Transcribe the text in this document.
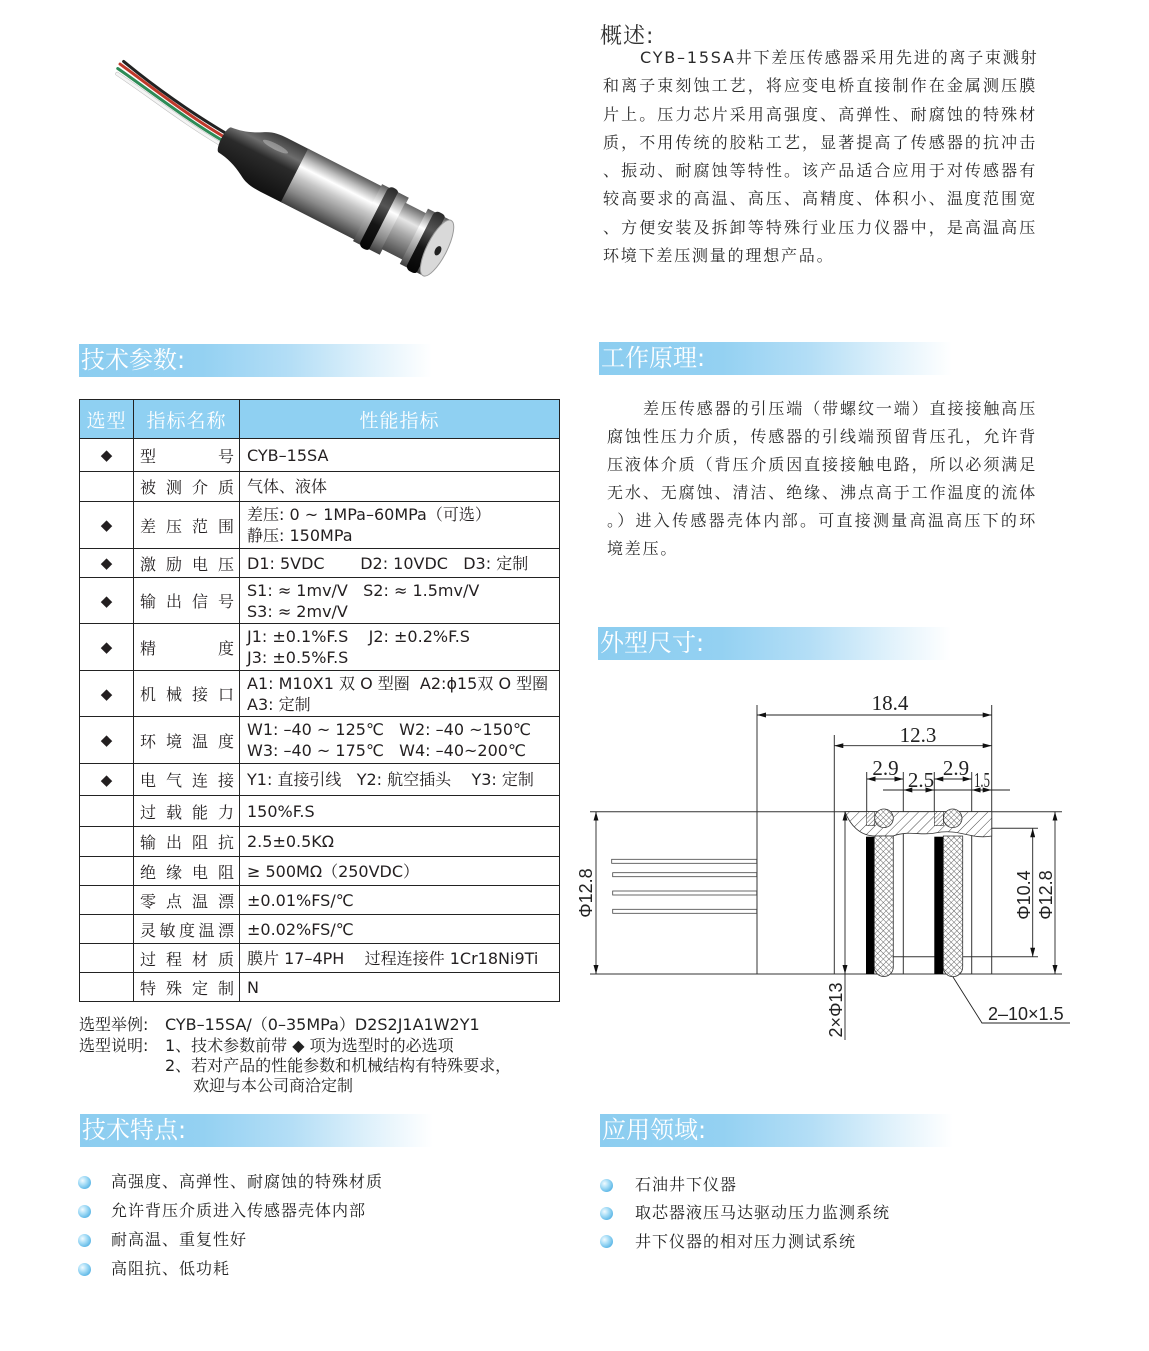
概述:
CYB–15SA井下差压传感器采用先进的离子束溅射
和离子束刻蚀工艺，将应变电桥直接制作在金属测压膜
片上。压力芯片采用高强度、高弹性、耐腐蚀的特殊材
质，不用传统的胶粘工艺，显著提高了传感器的抗冲击
、振动、耐腐蚀等特性。该产品适合应用于对传感器有
较高要求的高温、高压、高精度、体积小、温度范围宽
、方便安装及拆卸等特殊行业压力仪器中，是高温高压
环境下差压测量的理想产品。
技术参数:	工作原理:
外型尺寸:
技术特点:	应用领域:
选型	指标名称	性能指标
◆	型号	CYB–15SA

	被测介质	气体、液体

◆	差压范围	差压: 0 ~ 1MPa–60MPa（可选）
静压: 150MPa

◆	激励电压	D1: 5VDC       D2: 10VDC   D3: 定制

◆	输出信号	S1: ≈ 1mv/V   S2: ≈ 1.5mv/V
S3: ≈ 2mv/V

◆	精度	J1: ±0.1%F.S    J2: ±0.2%F.S
J3: ±0.5%F.S

◆	机械接口	A1: M10X1 双 O 型圈  A2:ϕ15双 O 型圈
A3: 定制

◆	环境温度	W1: –40 ~ 125℃   W2: –40 ~150℃
W3: –40 ~ 175℃   W4: –40~200℃

◆	电气连接	Y1: 直接引线   Y2: 航空插头    Y3: 定制

	过载能力	150%F.S

	输出阻抗	2.5±0.5KΩ

	绝缘电阻	≥ 500MΩ（250VDC）

	零点温漂	±0.01%FS/℃

	灵敏度温漂	±0.02%FS/℃

	过程材质	膜片 17–4PH    过程连接件 1Cr18Ni9Ti

	特殊定制	N
选型举例: CYB–15SA/（0–35MPa）D2S2J1A1W2Y1
选型说明: 1、技术参数前带 ◆ 项为选型时的必选项
2、若对产品的性能参数和机械结构有特殊要求，
欢迎与本公司商洽定制
差压传感器的引压端（带螺纹一端）直接接触高压
腐蚀性压力介质，传感器的引线端预留背压孔，允许背
压液体介质（背压介质因直接接触电路，所以必须满足
无水、无腐蚀、清洁、绝缘、沸点高于工作温度的流体
。）进入传感器壳体内部。可直接测量高温高压下的环
境差压。
18.4
12.3
2.9 2.5 2.9
1.5
Φ12.8
2×Φ13
Φ10.4 Φ12.8
2–10×1.5
高强度、高弹性、耐腐蚀的特殊材质
允许背压介质进入传感器壳体内部
耐高温、重复性好
高阻抗、低功耗
石油井下仪器
取芯器液压马达驱动压力监测系统
井下仪器的相对压力测试系统
